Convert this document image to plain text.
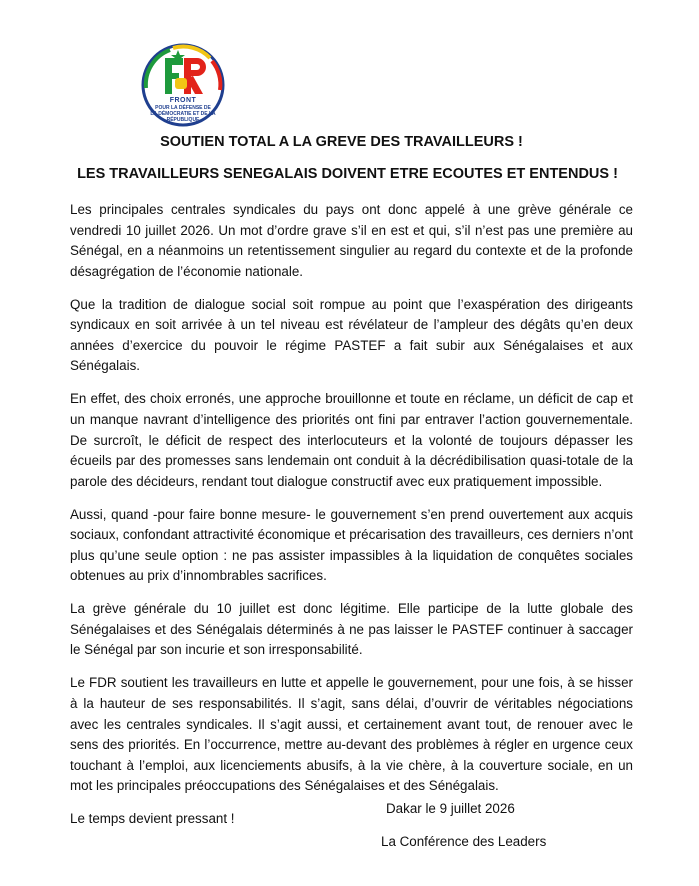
FRONT
POUR LA DÉFENSE DE
LA DÉMOCRATIE ET DE LA
RÉPUBLIQUE
SOUTIEN TOTAL A LA GREVE DES TRAVAILLEURS !
LES TRAVAILLEURS SENEGALAIS DOIVENT ETRE ECOUTES ET ENTENDUS !

Les principales centrales syndicales du pays ont donc appelé à une grève générale ce vendredi 10 juillet 2026. Un mot d’ordre grave s’il en est et qui, s’il n’est pas une première au Sénégal, en a néanmoins un retentissement singulier au regard du contexte et de la profonde désagrégation de l’économie nationale.

Que la tradition de dialogue social soit rompue au point que l’exaspération des dirigeants syndicaux en soit arrivée à un tel niveau est révélateur de l’ampleur des dégâts qu’en deux années d’exercice du pouvoir le régime PASTEF a fait subir aux Sénégalaises et aux Sénégalais.

En effet, des choix erronés, une approche brouillonne et toute en réclame, un déficit de cap et un manque navrant d’intelligence des priorités ont fini par entraver l’action gouvernementale. De surcroît, le déficit de respect des interlocuteurs et la volonté de toujours dépasser les écueils par des promesses sans lendemain ont conduit à la décrédibilisation quasi-totale de la parole des décideurs, rendant tout dialogue constructif avec eux pratiquement impossible.

Aussi, quand -pour faire bonne mesure- le gouvernement s’en prend ouvertement aux acquis sociaux, confondant attractivité économique et précarisation des travailleurs, ces derniers n’ont plus qu’une seule option : ne pas assister impassibles à la liquidation de conquêtes sociales obtenues au prix d’innombrables sacrifices.

La grève générale du 10 juillet est donc légitime. Elle participe de la lutte globale des Sénégalaises et des Sénégalais déterminés à ne pas laisser le PASTEF continuer à saccager le Sénégal par son incurie et son irresponsabilité.

Le FDR soutient les travailleurs en lutte et appelle le gouvernement, pour une fois, à se hisser à la hauteur de ses responsabilités. Il s’agit, sans délai, d’ouvrir de véritables négociations avec les centrales syndicales. Il s’agit aussi, et certainement avant tout, de renouer avec le sens des priorités. En l’occurrence, mettre au-devant des problèmes à régler en urgence ceux touchant à l’emploi, aux licenciements abusifs, à la vie chère, à la couverture sociale, en un mot les principales préoccupations des Sénégalaises et des Sénégalais.

Le temps devient pressant !

Dakar le 9 juillet 2026
La Conférence des Leaders
